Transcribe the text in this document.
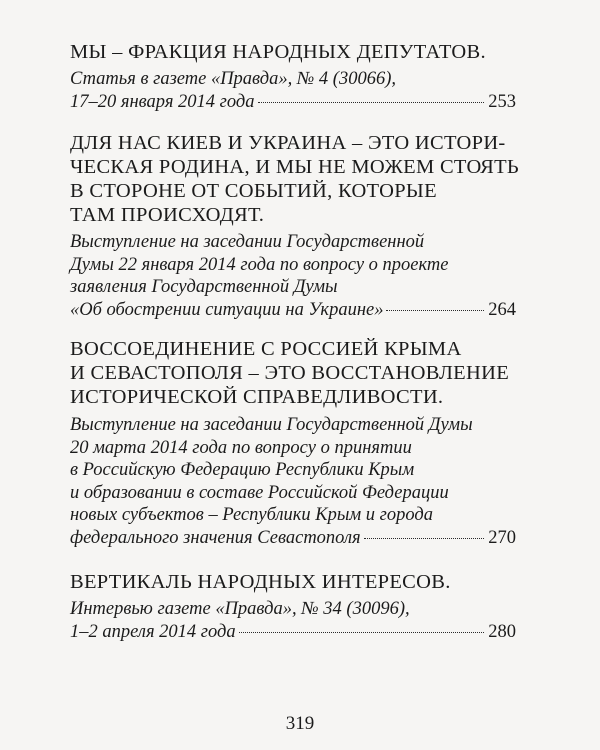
МЫ – ФРАКЦИЯ НАРОДНЫХ ДЕПУТАТОВ.

Статья в газете «Правда», № 4 (30066),
17–20 января 2014 года	253

ДЛЯ НАС КИЕВ И УКРАИНА – ЭТО ИСТОРИ-
ЧЕСКАЯ РОДИНА, И МЫ НЕ МОЖЕМ СТОЯТЬ
В СТОРОНЕ ОТ СОБЫТИЙ, КОТОРЫЕ
ТАМ ПРОИСХОДЯТ.

Выступление на заседании Государственной
Думы 22 января 2014 года по вопросу о проекте
заявления Государственной Думы
«Об обострении ситуации на Украине»	264

ВОССОЕДИНЕНИЕ С РОССИЕЙ КРЫМА
И СЕВАСТОПОЛЯ – ЭТО ВОССТАНОВЛЕНИЕ
ИСТОРИЧЕСКОЙ СПРАВЕДЛИВОСТИ.

Выступление на заседании Государственной Думы
20 марта 2014 года по вопросу о принятии
в Российскую Федерацию Республики Крым
и образовании в составе Российской Федерации
новых субъектов – Республики Крым и города
федерального значения Севастополя	270

ВЕРТИКАЛЬ НАРОДНЫХ ИНТЕРЕСОВ.

Интервью газете «Правда», № 34 (30096),
1–2 апреля 2014 года	280
319
